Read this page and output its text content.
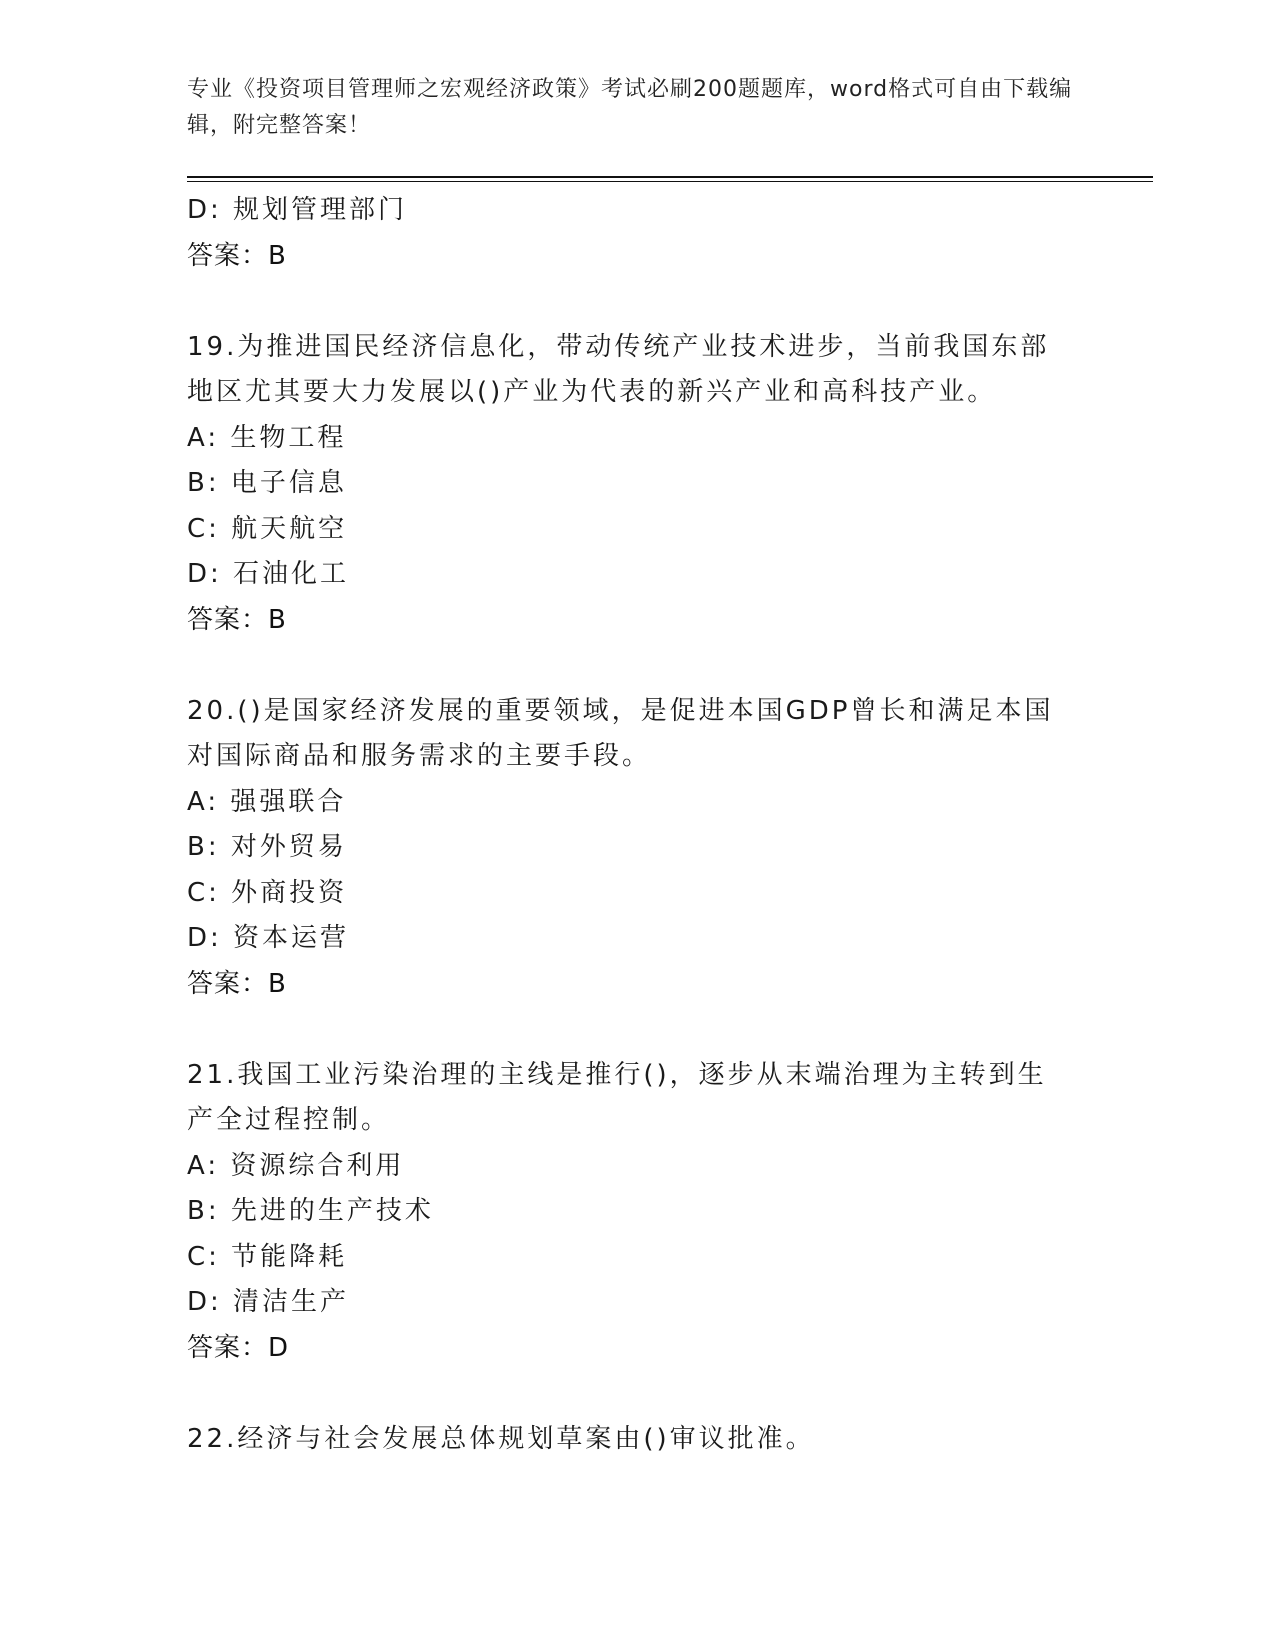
专业《投资项目管理师之宏观经济政策》考试必刷200题题库，word格式可自由下载编辑，附完整答案！
D: 规划管理部门
答案：B
19.为推进国民经济信息化，带动传统产业技术进步，当前我国东部地区尤其要大力发展以()产业为代表的新兴产业和高科技产业。
A: 生物工程
B: 电子信息
C: 航天航空
D: 石油化工
答案：B
20.()是国家经济发展的重要领域，是促进本国GDP曾长和满足本国对国际商品和服务需求的主要手段。
A: 强强联合
B: 对外贸易
C: 外商投资
D: 资本运营
答案：B
21.我国工业污染治理的主线是推行()，逐步从末端治理为主转到生产全过程控制。
A: 资源综合利用
B: 先进的生产技术
C: 节能降耗
D: 清洁生产
答案：D
22.经济与社会发展总体规划草案由()审议批准。
